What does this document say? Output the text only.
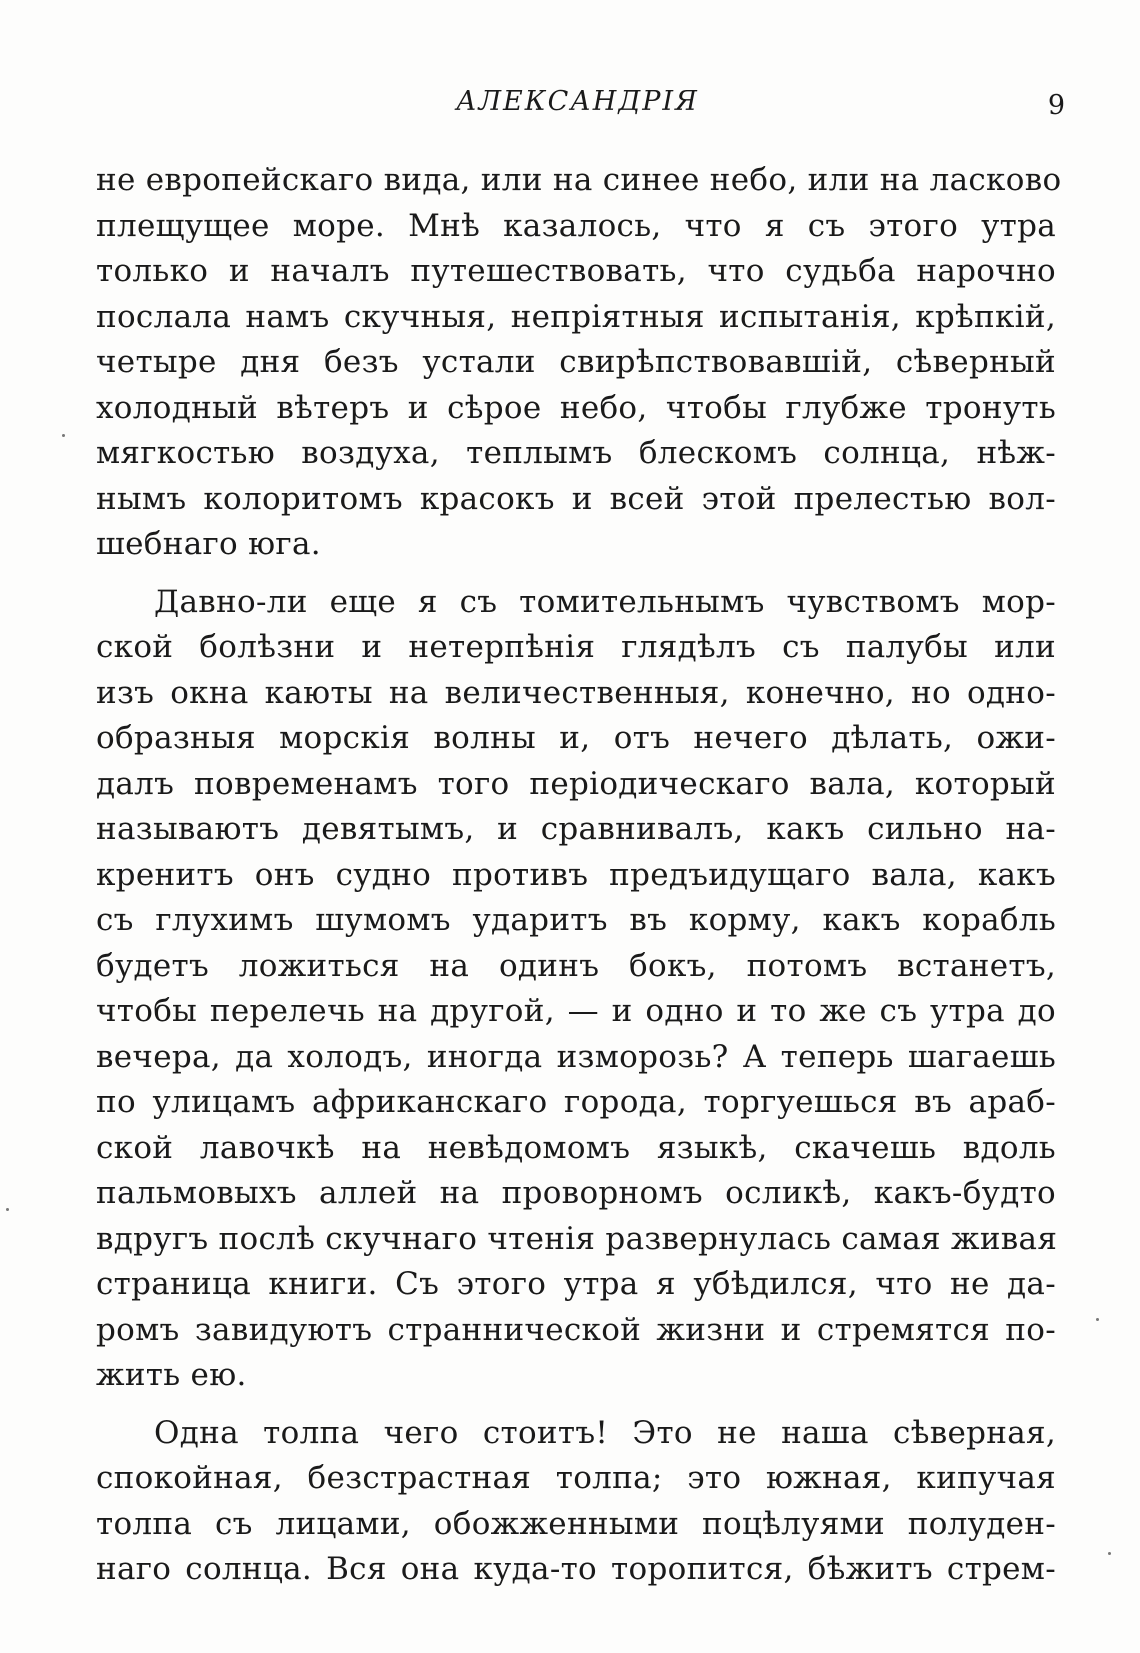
АЛЕКСАНДРІЯ	9
не европейскаго вида, или на синее небо, или на ласково
плещущее море. Мнѣ казалось, что я съ этого утра
только и началъ путешествовать, что судьба нарочно
послала намъ скучныя, непріятныя испытанія, крѣпкій,
четыре дня безъ устали свирѣпствовавшій, сѣверный
холодный вѣтеръ и сѣрое небо, чтобы глубже тронуть
мягкостью воздуха, теплымъ блескомъ солнца, нѣж-
нымъ колоритомъ красокъ и всей этой прелестью вол-
шебнаго юга.
Давно-ли еще я съ томительнымъ чувствомъ мор-
ской болѣзни и нетерпѣнія глядѣлъ съ палубы или
изъ окна каюты на величественныя, конечно, но одно-
образныя морскія волны и, отъ нечего дѣлать, ожи-
далъ повременамъ того періодическаго вала, который
называютъ девятымъ, и сравнивалъ, какъ сильно на-
кренитъ онъ судно противъ предъидущаго вала, какъ
съ глухимъ шумомъ ударитъ въ корму, какъ корабль
будетъ ложиться на одинъ бокъ, потомъ встанетъ,
чтобы перелечь на другой, — и одно и то же съ утра до
вечера, да холодъ, иногда изморозь? А теперь шагаешь
по улицамъ африканскаго города, торгуешься въ араб-
ской лавочкѣ на невѣдомомъ языкѣ, скачешь вдоль
пальмовыхъ аллей на проворномъ осликѣ, какъ-будто
вдругъ послѣ скучнаго чтенія развернулась самая живая
страница книги. Съ этого утра я убѣдился, что не да-
ромъ завидуютъ страннической жизни и стремятся по-
жить ею.
Одна толпа чего стоитъ! Это не наша сѣверная,
спокойная, безстрастная толпа; это южная, кипучая
толпа съ лицами, обожженными поцѣлуями полуден-
наго солнца. Вся она куда-то торопится, бѣжитъ стрем-
